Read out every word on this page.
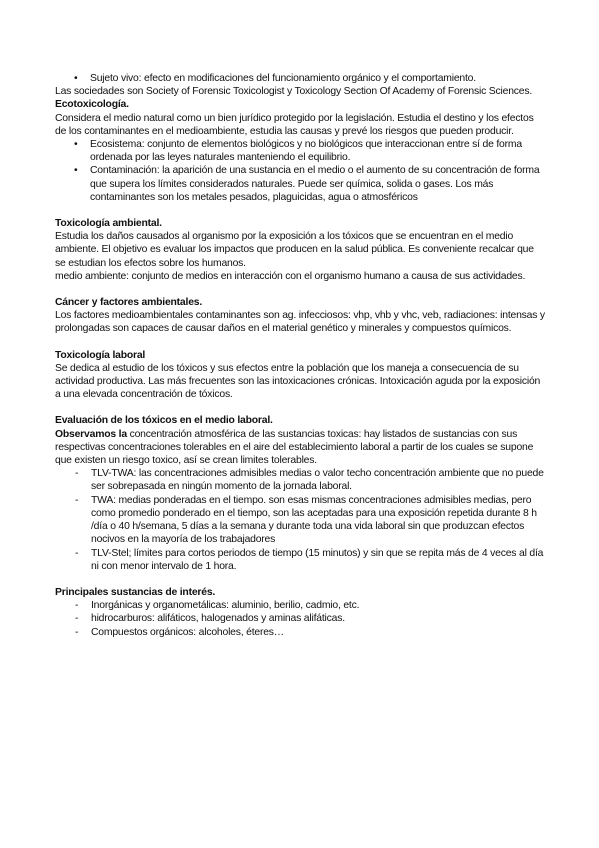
• Sujeto vivo: efecto en modificaciones del funcionamiento orgánico y el comportamiento.

Las sociedades son Society of Forensic Toxicologist y Toxicology Section Of Academy of Forensic Sciences.

Ecotoxicología.

Considera el medio natural como un bien jurídico protegido por la legislación. Estudia el destino y los efectos de los contaminantes en el medioambiente, estudia las causas y prevé los riesgos que pueden producir.

• Ecosistema: conjunto de elementos biológicos y no biológicos que interaccionan entre sí de forma ordenada por las leyes naturales manteniendo el equilibrio.
• Contaminación: la aparición de una sustancia en el medio o el aumento de su concentración de forma que supera los límites considerados naturales. Puede ser química, solida o gases. Los más contaminantes son los metales pesados, plaguicidas, agua o atmosféricos

Toxicología ambiental.

Estudia los daños causados al organismo por la exposición a los tóxicos que se encuentran en el medio ambiente. El objetivo es evaluar los impactos que producen en la salud pública. Es conveniente recalcar que se estudian los efectos sobre los humanos.

medio ambiente: conjunto de medios en interacción con el organismo humano a causa de sus actividades.

Cáncer y factores ambientales.

Los factores medioambientales contaminantes son ag. infecciosos: vhp, vhb y vhc, veb, radiaciones: intensas y prolongadas son capaces de causar daños en el material genético y minerales y compuestos químicos.

Toxicología laboral

Se dedica al estudio de los tóxicos y sus efectos entre la población que los maneja a consecuencia de su actividad productiva. Las más frecuentes son las intoxicaciones crónicas. Intoxicación aguda por la exposición a una elevada concentración de tóxicos.

Evaluación de los tóxicos en el medio laboral.

Observamos la concentración atmosférica de las sustancias toxicas: hay listados de sustancias con sus respectivas concentraciones tolerables en el aire del establecimiento laboral a partir de los cuales se supone que existen un riesgo toxico, así se crean limites tolerables.

- TLV-TWA: las concentraciones admisibles medias o valor techo concentración ambiente que no puede ser sobrepasada en ningún momento de la jornada laboral.
- TWA: medias ponderadas en el tiempo. son esas mismas concentraciones admisibles medias, pero como promedio ponderado en el tiempo, son las aceptadas para una exposición repetida durante 8 h /día o 40 h/semana, 5 días a la semana y durante toda una vida laboral sin que produzcan efectos nocivos en la mayoría de los trabajadores
- TLV-Stel; límites para cortos periodos de tiempo (15 minutos) y sin que se repita más de 4 veces al día ni con menor intervalo de 1 hora.

Principales sustancias de interés.

- Inorgánicas y organometálicas: aluminio, berilio, cadmio, etc.
- hidrocarburos: alifáticos, halogenados y aminas alifáticas.
- Compuestos orgánicos: alcoholes, éteres…
